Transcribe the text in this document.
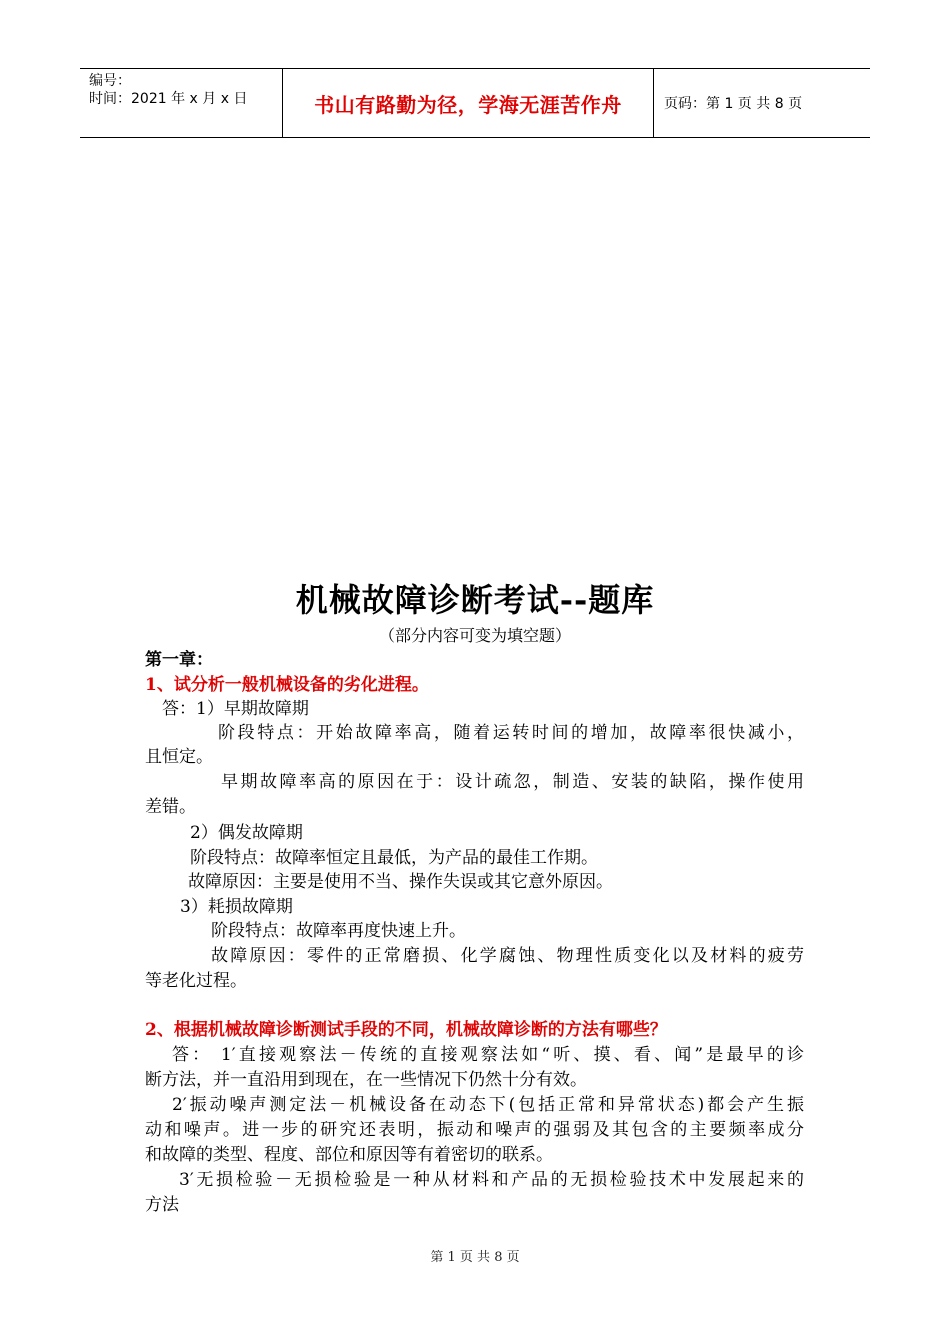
编号：
时间：2021 年 x 月 x 日	书山有路勤为径，学海无涯苦作舟	页码：第 1 页 共 8 页
机械故障诊断考试--题库
（部分内容可变为填空题）
第一章：
1、试分析一般机械设备的劣化进程。
答：1）早期故障期
阶段特点：开始故障率高，随着运转时间的增加，故障率很快减小，
且恒定。
早期故障率高的原因在于：设计疏忽，制造、安装的缺陷，操作使用
差错。
2）偶发故障期
阶段特点：故障率恒定且最低，为产品的最佳工作期。
故障原因：主要是使用不当、操作失误或其它意外原因。
3）耗损故障期
阶段特点：故障率再度快速上升。
故障原因：零件的正常磨损、化学腐蚀、物理性质变化以及材料的疲劳
等老化过程。
2、根据机械故障诊断测试手段的不同，机械故障诊断的方法有哪些？
答： 1′直接观察法－传统的直接观察法如“听、摸、看、闻”是最早的诊
断方法，并一直沿用到现在，在一些情况下仍然十分有效。
2′振动噪声测定法－机械设备在动态下(包括正常和异常状态)都会产生振
动和噪声。进一步的研究还表明，振动和噪声的强弱及其包含的主要频率成分
和故障的类型、程度、部位和原因等有着密切的联系。
3′无损检验－无损检验是一种从材料和产品的无损检验技术中发展起来的
方法
第 1 页 共 8 页
